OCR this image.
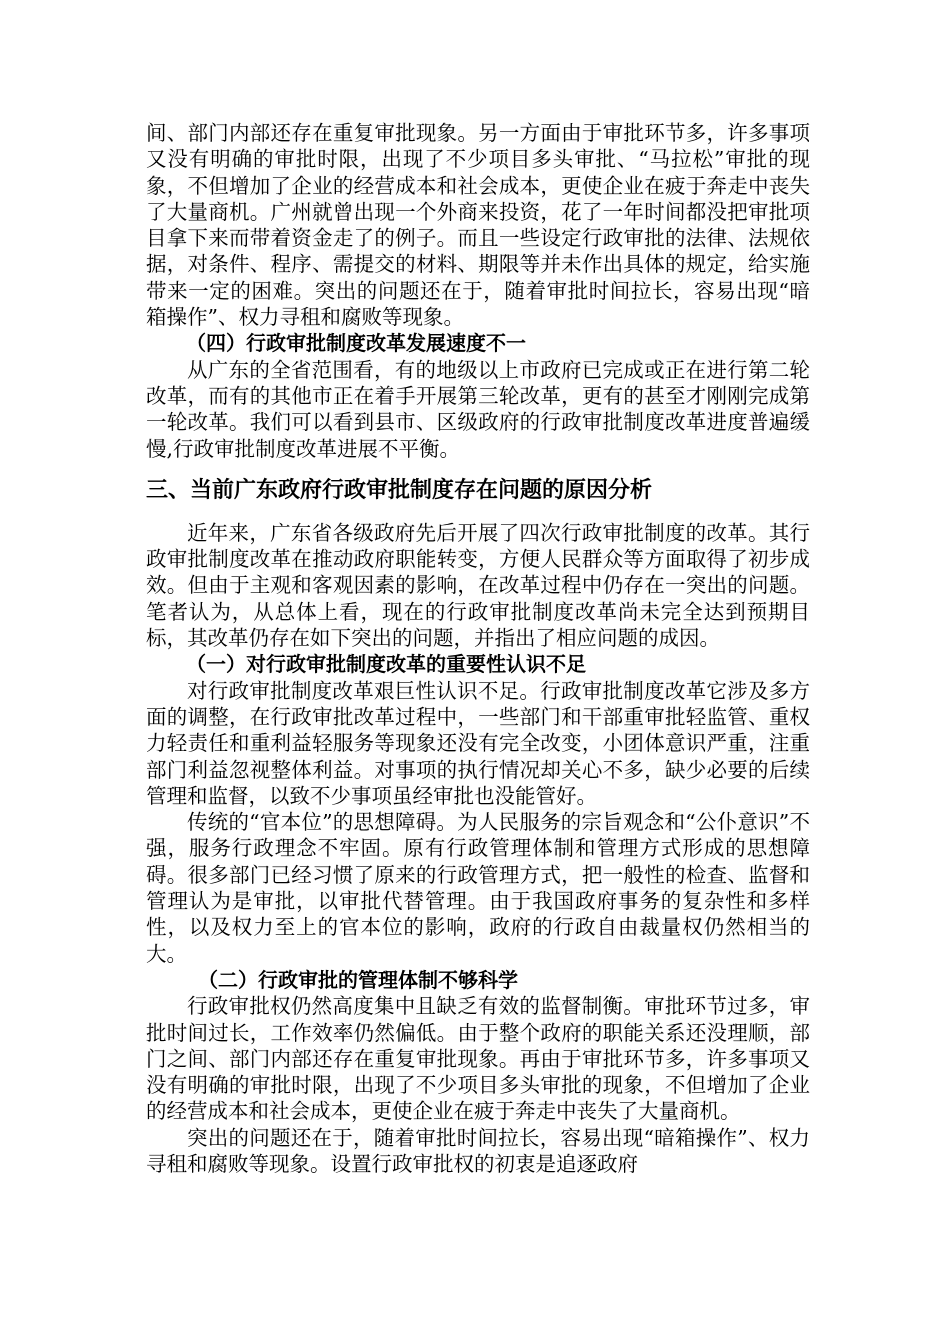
间、部门内部还存在重复审批现象。另一方面由于审批环节多，许多事项又没有明确的审批时限，出现了不少项目多头审批、“马拉松”审批的现象，不但增加了企业的经营成本和社会成本，更使企业在疲于奔走中丧失了大量商机。广州就曾出现一个外商来投资，花了一年时间都没把审批项目拿下来而带着资金走了的例子。而且一些设定行政审批的法律、法规依据，对条件、程序、需提交的材料、期限等并未作出具体的规定，给实施带来一定的困难。突出的问题还在于，随着审批时间拉长，容易出现“暗箱操作”、权力寻租和腐败等现象。

（四）行政审批制度改革发展速度不一

从广东的全省范围看，有的地级以上市政府已完成或正在进行第二轮改革，而有的其他市正在着手开展第三轮改革，更有的甚至才刚刚完成第一轮改革。我们可以看到县市、区级政府的行政审批制度改革进度普遍缓慢,行政审批制度改革进展不平衡。

三、当前广东政府行政审批制度存在问题的原因分析

近年来，广东省各级政府先后开展了四次行政审批制度的改革。其行政审批制度改革在推动政府职能转变，方便人民群众等方面取得了初步成效。但由于主观和客观因素的影响，在改革过程中仍存在一突出的问题。笔者认为，从总体上看，现在的行政审批制度改革尚未完全达到预期目标，其改革仍存在如下突出的问题，并指出了相应问题的成因。

（一）对行政审批制度改革的重要性认识不足

对行政审批制度改革艰巨性认识不足。行政审批制度改革它涉及多方面的调整，在行政审批改革过程中，一些部门和干部重审批轻监管、重权力轻责任和重利益轻服务等现象还没有完全改变，小团体意识严重，注重部门利益忽视整体利益。对事项的执行情况却关心不多，缺少必要的后续管理和监督，以致不少事项虽经审批也没能管好。

传统的“官本位”的思想障碍。为人民服务的宗旨观念和“公仆意识”不强，服务行政理念不牢固。原有行政管理体制和管理方式形成的思想障碍。很多部门已经习惯了原来的行政管理方式，把一般性的检查、监督和管理认为是审批，以审批代替管理。由于我国政府事务的复杂性和多样性，以及权力至上的官本位的影响，政府的行政自由裁量权仍然相当的大。

（二）行政审批的管理体制不够科学

行政审批权仍然高度集中且缺乏有效的监督制衡。审批环节过多，审批时间过长，工作效率仍然偏低。由于整个政府的职能关系还没理顺，部门之间、部门内部还存在重复审批现象。再由于审批环节多，许多事项又没有明确的审批时限，出现了不少项目多头审批的现象，不但增加了企业的经营成本和社会成本，更使企业在疲于奔走中丧失了大量商机。

突出的问题还在于，随着审批时间拉长，容易出现“暗箱操作”、权力寻租和腐败等现象。设置行政审批权的初衷是追逐政府
